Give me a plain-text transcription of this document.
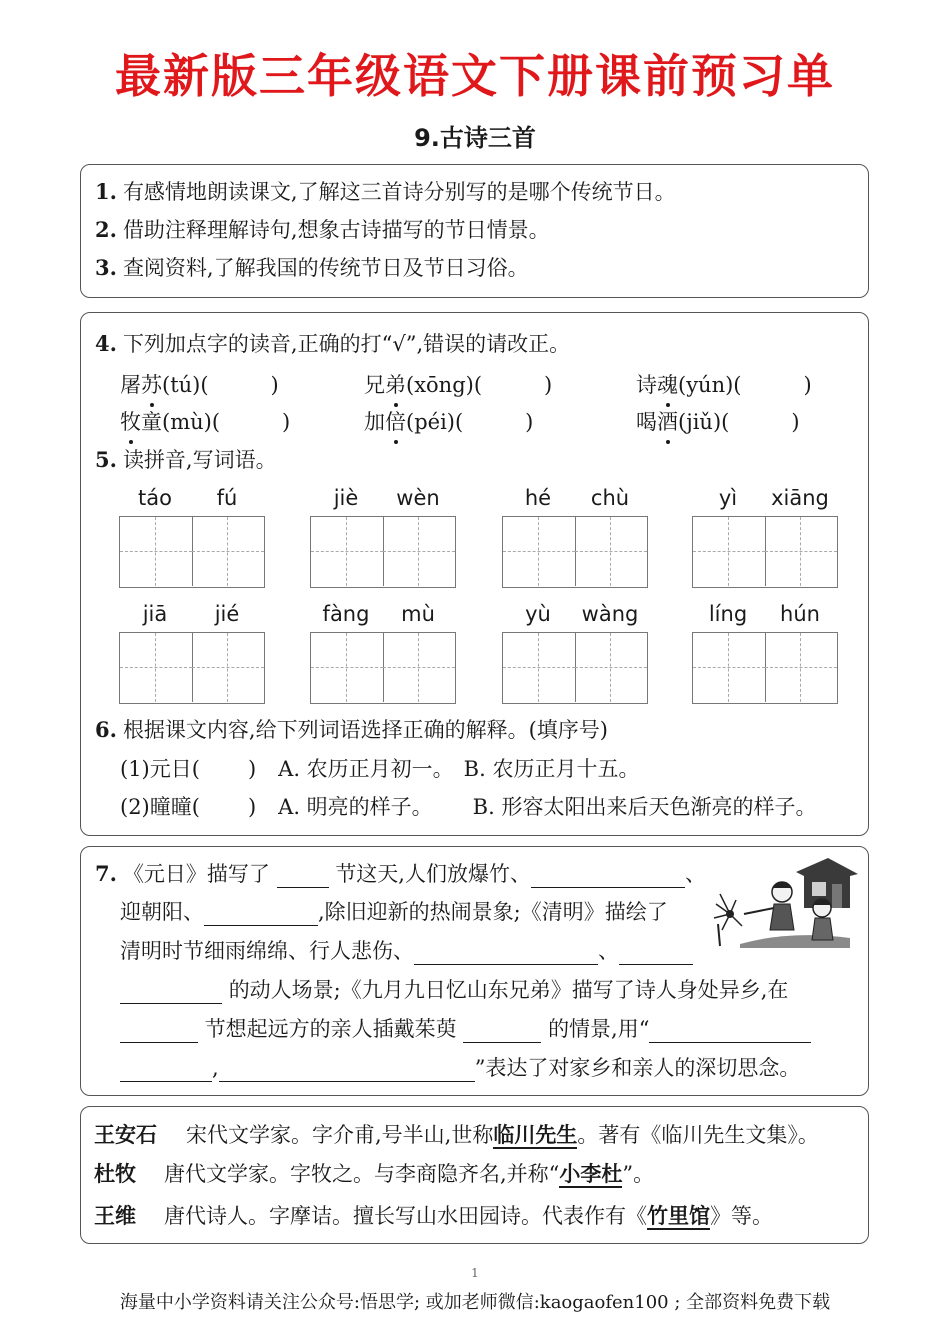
最新版三年级语文下册课前预习单
9.古诗三首
1. 有感情地朗读课文,了解这三首诗分别写的是哪个传统节日。
2. 借助注释理解诗句,想象古诗描写的节日情景。
3. 查阅资料,了解我国的传统节日及节日习俗。
4. 下列加点字的读音,正确的打“√”,错误的请改正。
屠苏(tú)(	)	兄弟(xōng)(	)	诗魂(yún)(	)
牧童(mù)(	)	加倍(péi)(	)	喝酒(jiǔ)(	)
5. 读拼音,写词语。
táo	fú	jiè	wèn	hé	chù	yì	xiāng
jiā	jié	fàng	mù	yù	wàng	líng	hún
6. 根据课文内容,给下列词语选择正确的解释。(填序号)
(1)元日( ) A. 农历正月初一。 B. 农历正月十五。
(2)曈曈( ) A. 明亮的样子。 B. 形容太阳出来后天色渐亮的样子。
7. 《元日》描写了	节这天,人们放爆竹、	、
迎朝阳、	,除旧迎新的热闹景象;《清明》描绘了
清明时节细雨绵绵、行人悲伤、	、
的动人场景;《九月九日忆山东兄弟》描写了诗人身处异乡,在
节想起远方的亲人插戴茱萸	的情景,用“
,	”表达了对家乡和亲人的深切思念。
王安石 宋代文学家。字介甫,号半山,世称临川先生。著有《临川先生文集》。
杜牧 唐代文学家。字牧之。与李商隐齐名,并称“小李杜”。
王维 唐代诗人。字摩诘。擅长写山水田园诗。代表作有《竹里馆》等。
1
海量中小学资料请关注公众号:悟思学; 或加老师微信:kaogaofen100 ; 全部资料免费下载
